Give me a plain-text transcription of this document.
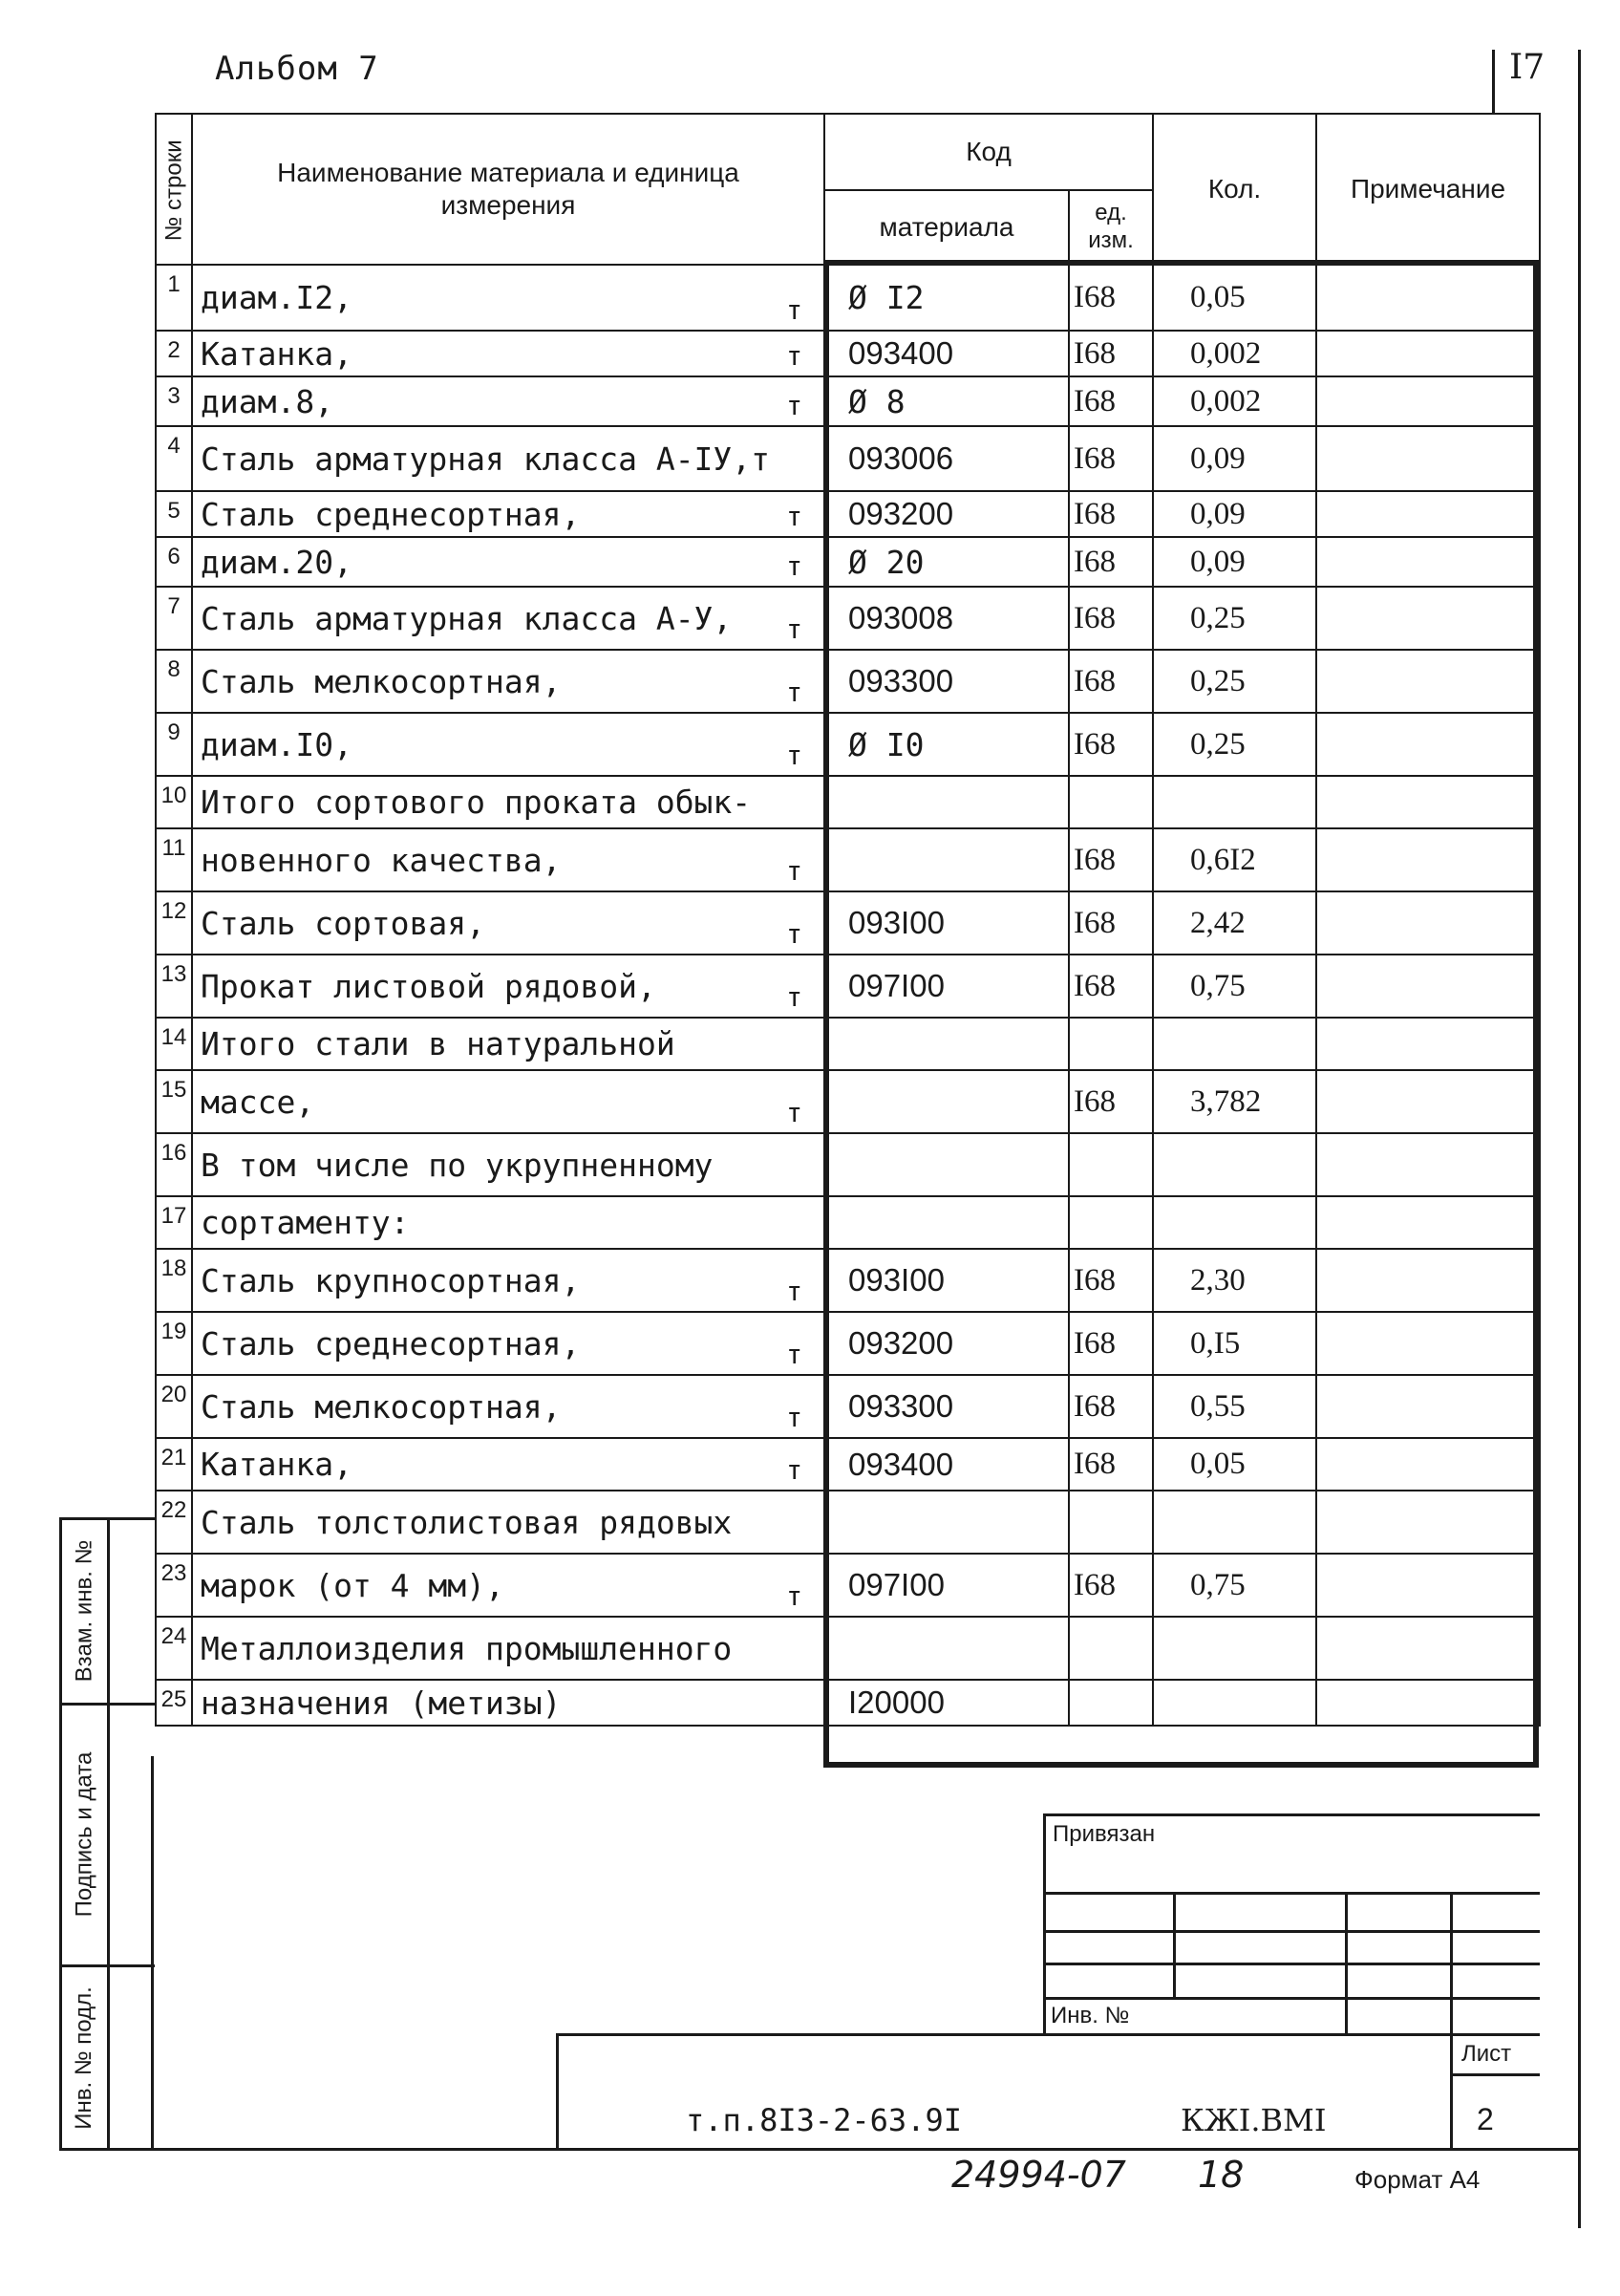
Альбом 7	I7
№ строки	Наименование материала и единица измерения	Код		Кол.	Примечание
		материала	ед. изм.		
1	диам.I2, т	Ø I2	I68	0,05	
2	Катанка, т	093400	I68	0,002	
3	диам.8, т	Ø 8	I68	0,002	
4	Сталь арматурная класса А-IУ,т	093006	I68	0,09	
5	Сталь среднесортная, т	093200	I68	0,09	
6	диам.20, т	Ø 20	I68	0,09	
7	Сталь арматурная класса А-У, т	093008	I68	0,25	
8	Сталь мелкосортная, т	093300	I68	0,25	
9	диам.I0, т	Ø I0	I68	0,25	
10	Итого сортового проката обык-

11	новенного качества, т		I68	0,6I2	
12	Сталь сортовая, т	093I00	I68	2,42	
13	Прокат листовой рядовой, т	097I00	I68	0,75	
14	Итого стали в натуральной

15	массе, т		I68	3,782	
16	В том числе по укрупненному

17	сортаменту:

18	Сталь крупносортная, т	093I00	I68	2,30	
19	Сталь среднесортная, т	093200	I68	0,I5	
20	Сталь мелкосортная, т	093300	I68	0,55	
21	Катанка, т	093400	I68	0,05	
22	Сталь толстолистовая рядовых

23	марок (от 4 мм), т	097I00	I68	0,75	
24	Металлоизделия промышленного

25	назначения (метизы)	I20000			
Взам. инв. №
Подпись и дата
Инв. № подл.
Привязан
Инв. №
Лист
т.п.8I3-2-63.9I	КЖI.ВМI	2
24994-07 18	Формат А4
